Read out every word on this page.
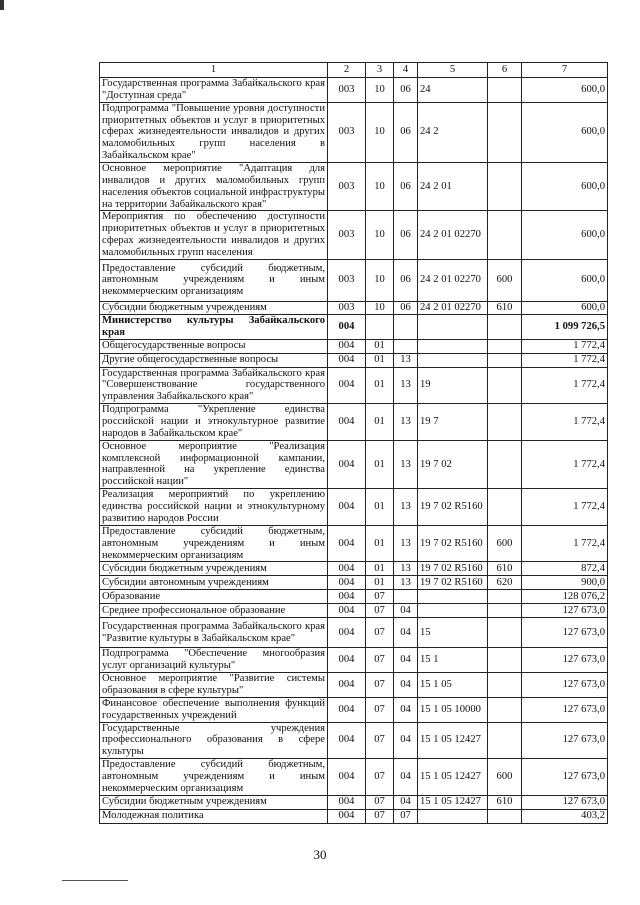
1	2	3	4	5	6	7
Государственная программа Забайкальского края "Доступная среда"	003	10	06	24		600,0
Подпрограмма "Повышение уровня доступности приоритетных объектов и услуг в приоритетных сферах жизнедеятельности инвалидов и других маломобильных групп населения в Забайкальском крае"	003	10	06	24 2		600,0
Основное мероприятие "Адаптация для инвалидов и других маломобильных групп населения объектов социальной инфраструктуры на территории Забайкальского края"	003	10	06	24 2 01		600,0
Мероприятия по обеспечению доступности приоритетных объектов и услуг в приоритетных сферах жизнедеятельности инвалидов и других маломобильных групп населения	003	10	06	24 2 01 02270		600,0
Предоставление субсидий бюджетным, автономным учреждениям и иным некоммерческим организациям	003	10	06	24 2 01 02270	600	600,0
Субсидии бюджетным учреждениям	003	10	06	24 2 01 02270	610	600,0
Министерство культуры Забайкальского края	004					1 099 726,5
Общегосударственные вопросы	004	01				1 772,4
Другие общегосударственные вопросы	004	01	13			1 772,4
Государственная программа Забайкальского края "Совершенствование государственного управления Забайкальского края"	004	01	13	19		1 772,4
Подпрограмма "Укрепление единства российской нации и этнокультурное развитие народов в Забайкальском крае"	004	01	13	19 7		1 772,4
Основное мероприятие "Реализация комплексной информационной кампании, направленной на укрепление единства российской нации"	004	01	13	19 7 02		1 772,4
Реализация мероприятий по укреплению единства российской нации и этнокультурному развитию народов России	004	01	13	19 7 02 R5160		1 772,4
Предоставление субсидий бюджетным, автономным учреждениям и иным некоммерческим организациям	004	01	13	19 7 02 R5160	600	1 772,4
Субсидии бюджетным учреждениям	004	01	13	19 7 02 R5160	610	872,4
Субсидии автономным учреждениям	004	01	13	19 7 02 R5160	620	900,0
Образование	004	07				128 076,2
Среднее профессиональное образование	004	07	04			127 673,0
Государственная программа Забайкальского края "Развитие культуры в Забайкальском крае"	004	07	04	15		127 673,0
Подпрограмма "Обеспечение многообразия услуг организаций культуры"	004	07	04	15 1		127 673,0
Основное мероприятие "Развитие системы образования в сфере культуры"	004	07	04	15 1 05		127 673,0
Финансовое обеспечение выполнения функций государственных учреждений	004	07	04	15 1 05 10000		127 673,0
Государственные учреждения профессионального образования в сфере культуры	004	07	04	15 1 05 12427		127 673,0
Предоставление субсидий бюджетным, автономным учреждениям и иным некоммерческим организациям	004	07	04	15 1 05 12427	600	127 673,0
Субсидии бюджетным учреждениям	004	07	04	15 1 05 12427	610	127 673,0
Молодежная политика	004	07	07			403,2
30
